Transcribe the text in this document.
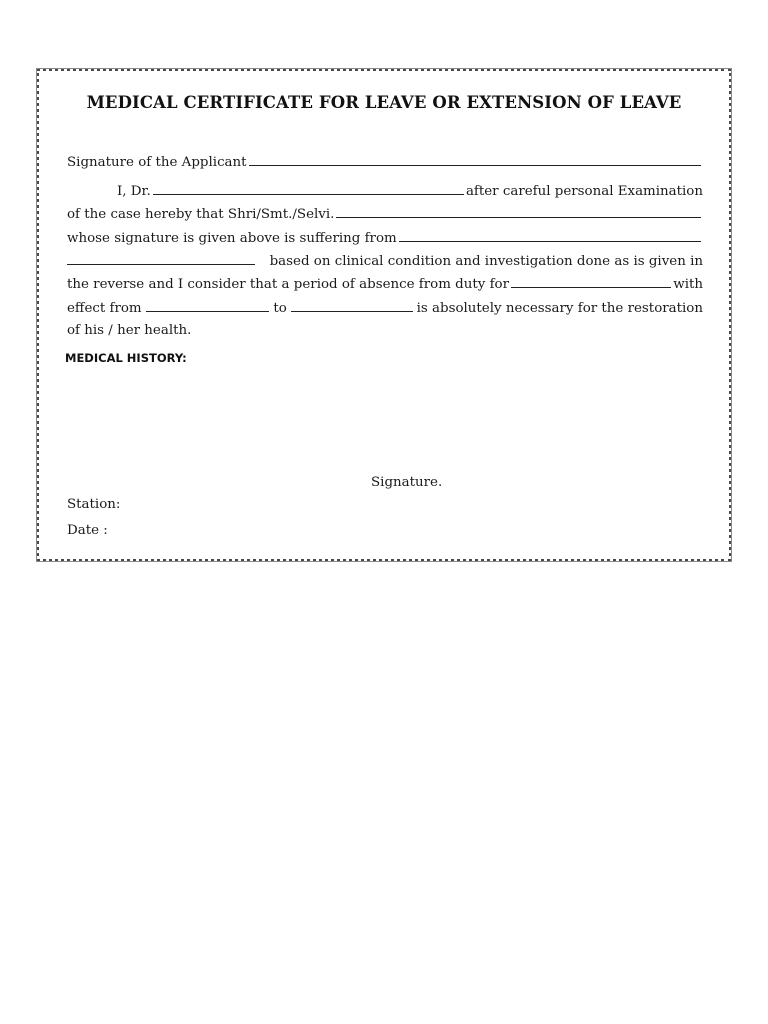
MEDICAL CERTIFICATE FOR LEAVE OR EXTENSION OF LEAVE
Signature of the Applicant
I, Dr.	after careful personal Examination
of the case hereby that Shri/Smt./Selvi.
whose signature is given above is suffering from
based on clinical condition and investigation done as is given in
the reverse and I consider that a period of absence from duty for	with
effect from	to	is absolutely necessary for the restoration
of his / her health.
MEDICAL HISTORY:
Signature.
Station:
Date :
